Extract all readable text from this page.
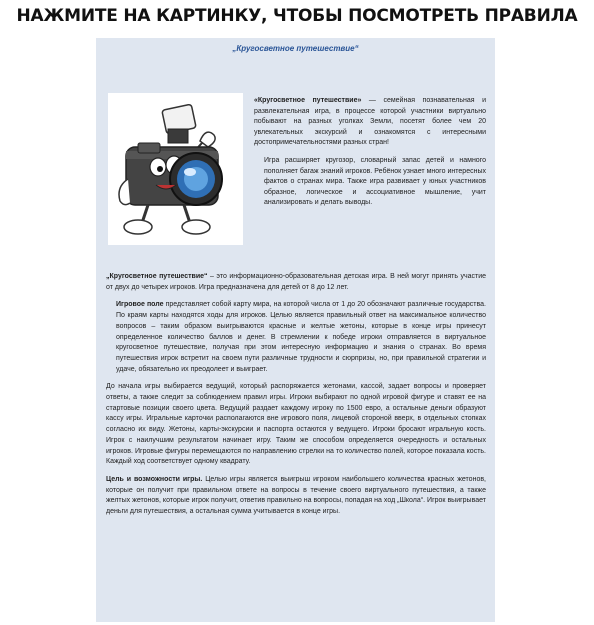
НАЖМИТЕ НА КАРТИНКУ, ЧТОБЫ ПОСМОТРЕТЬ ПРАВИЛА
„Кругосветное путешествие“

«Кругосветное путешествие» — семейная познавательная и развлекательная игра, в процессе которой участники виртуально побывают на разных уголках Земли, посетят более чем 20 увлекательных экскурсий и ознакомятся с интересными достопримечательностями разных стран!

Игра расширяет кругозор, словарный запас детей и намного пополняет багаж знаний игроков. Ребёнок узнает много интересных фактов о странах мира. Также игра развивает у юных участников образное, логическое и ассоциативное мышление, учит анализировать и делать выводы.

„Кругосветное путешествие“ – это информационно-образовательная детская игра. В ней могут принять участие от двух до четырех игроков. Игра предназначена для детей от 8 до 12 лет.

Игровое поле представляет собой карту мира, на которой числа от 1 до 20 обозначают различные государства. По краям карты находятся ходы для игроков. Целью является правильный ответ на максимальное количество вопросов – таким образом выигрываются красные и желтые жетоны, которые в конце игры принесут определенное количество баллов и денег. В стремлении к победе игроки отправляется в виртуальное кругосветное путешествие, получая при этом интересную информацию и знания о странах. Во время путешествия игрок встретит на своем пути различные трудности и сюрпризы, но, при правильной стратегии и удаче, обязательно их преодолеет и выиграет.

До начала игры выбирается ведущий, который распоряжается жетонами, кассой, задает вопросы и проверяет ответы, а также следит за соблюдением правил игры. Игроки выбирают по одной игровой фигуре и ставят ее на стартовые позиции своего цвета. Ведущий раздает каждому игроку по 1500 евро, а остальные деньги образуют кассу игры. Игральные карточки располагаются вне игрового поля, лицевой стороной вверх, в отдельных стопках согласно их виду. Жетоны, карты-экскурсии и паспорта остаются у ведущего. Игроки бросают игральную кость. Игрок с наилучшим результатом начинает игру. Таким же способом определяется очередность и остальных игроков. Игровые фигуры перемещаются по направлению стрелки на то количество полей, которое показала кость. Каждый ход соответствует одному квадрату.

Цель и возможности игры. Целью игры является выигрыш игроком наибольшего количества красных жетонов, которые он получит при правильном ответе на вопросы в течение своего виртуального путешествия, а также желтых жетонов, которые игрок получит, ответив правильно на вопросы, попадая на ход „Школа“. Игрок выигрывает деньги для путешествия, а остальная сумма учитывается в конце игры.
